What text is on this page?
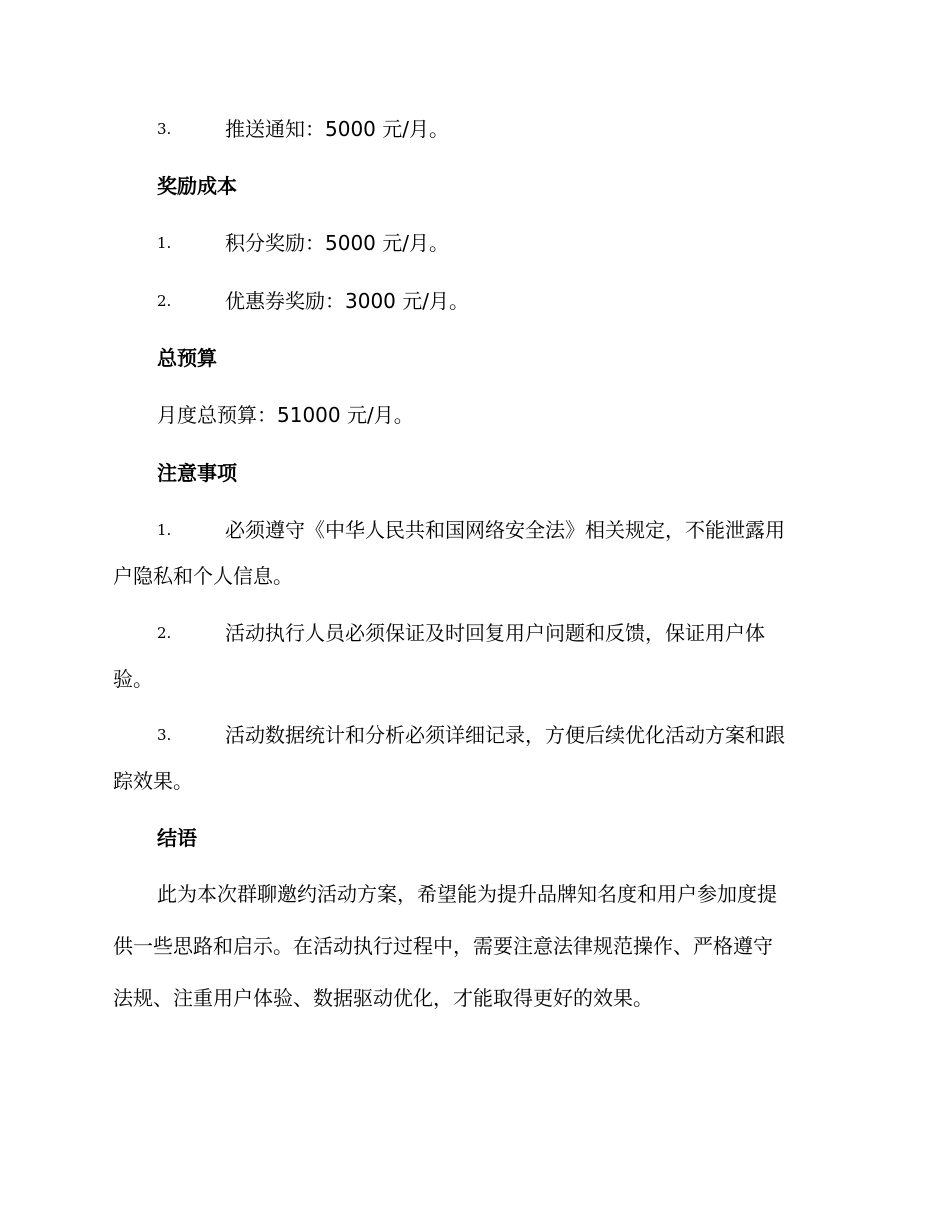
3.	推送通知：5000 元/月。
奖励成本
1.	积分奖励：5000 元/月。
2.	优惠券奖励：3000 元/月。
总预算
月度总预算：51000 元/月。
注意事项
1.	必须遵守《中华人民共和国网络安全法》相关规定，不能泄露用
户隐私和个人信息。
2.	活动执行人员必须保证及时回复用户问题和反馈，保证用户体
验。
3.	活动数据统计和分析必须详细记录，方便后续优化活动方案和跟
踪效果。
结语
此为本次群聊邀约活动方案，希望能为提升品牌知名度和用户参加度提
供一些思路和启示。在活动执行过程中，需要注意法律规范操作、严格遵守
法规、注重用户体验、数据驱动优化，才能取得更好的效果。
